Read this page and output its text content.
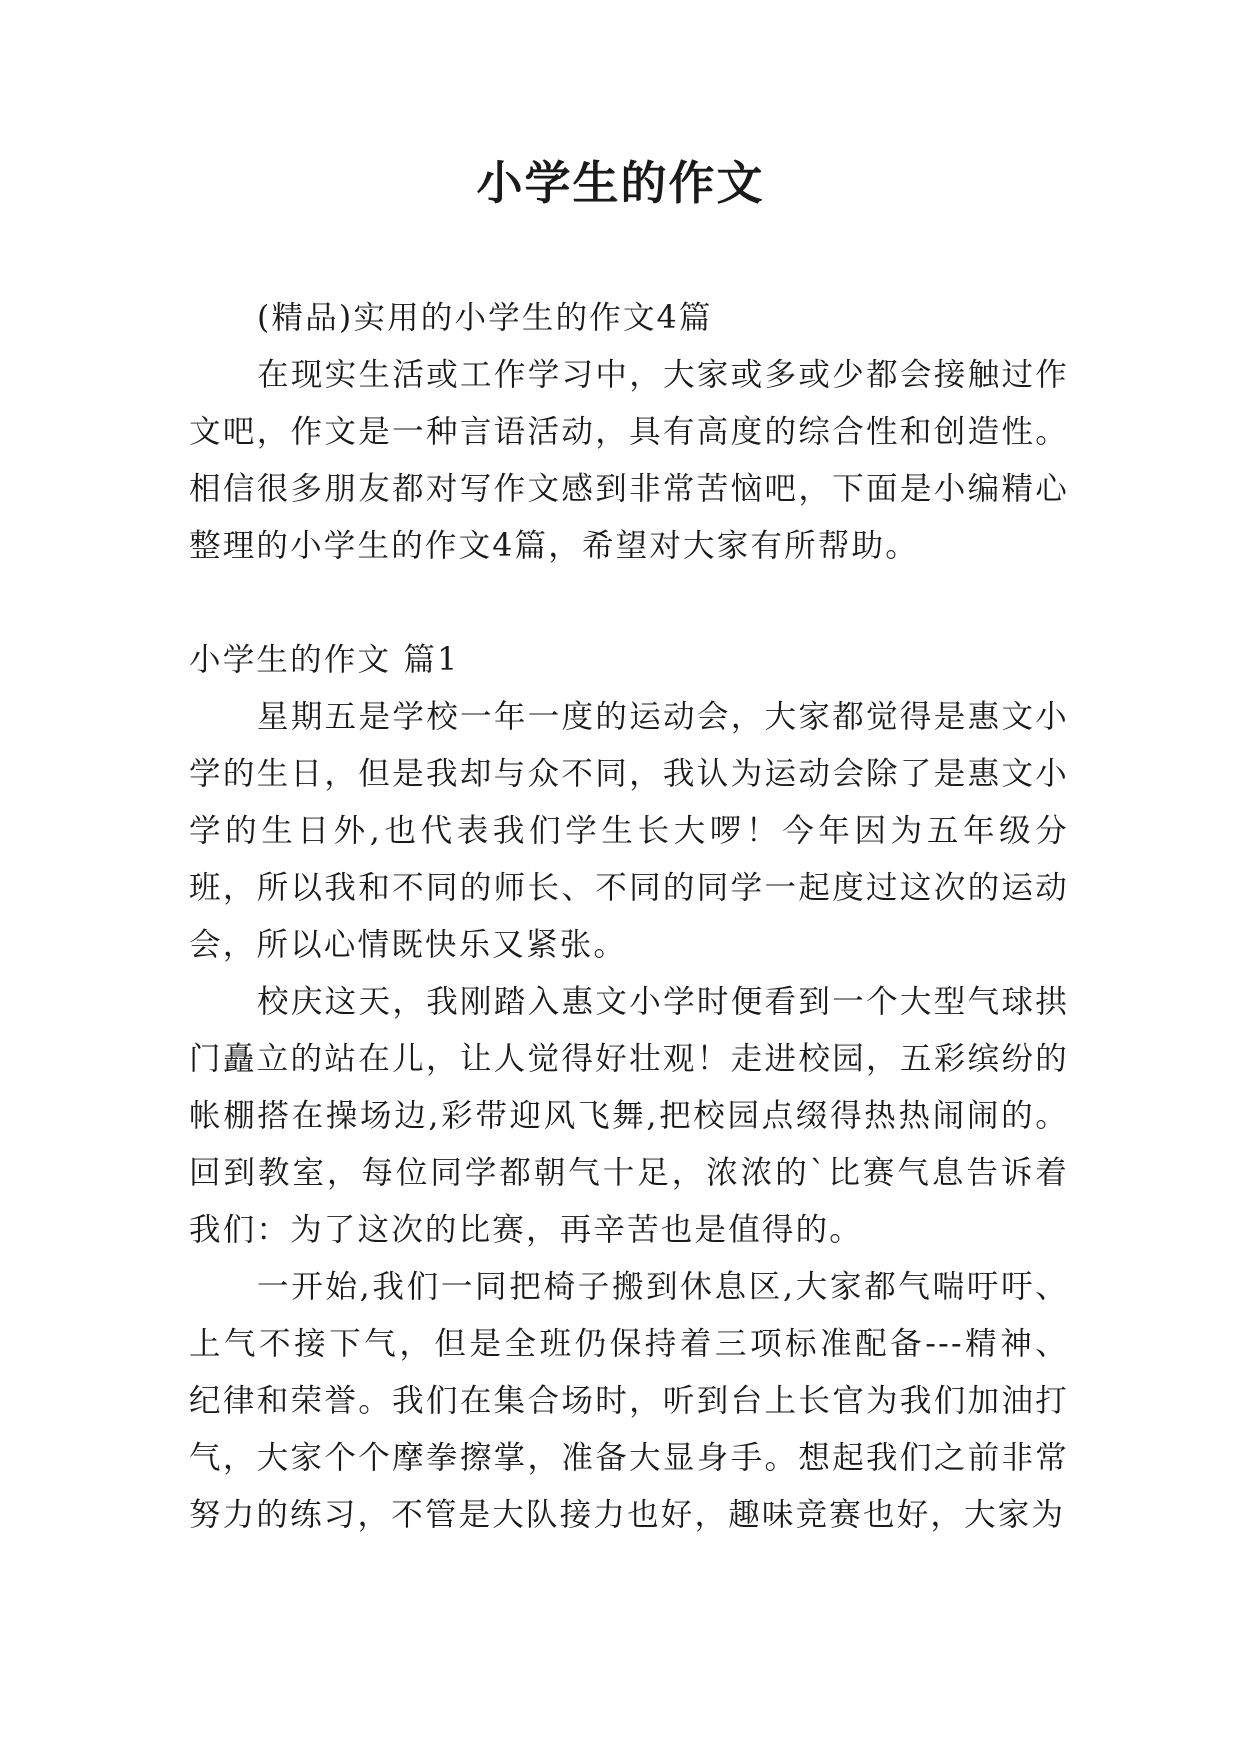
小学生的作文

(精品)实用的小学生的作文4篇

在现实生活或工作学习中，大家或多或少都会接触过作文吧，作文是一种言语活动，具有高度的综合性和创造性。相信很多朋友都对写作文感到非常苦恼吧，下面是小编精心整理的小学生的作文4篇，希望对大家有所帮助。

小学生的作文 篇1

星期五是学校一年一度的运动会，大家都觉得是惠文小学的生日，但是我却与众不同，我认为运动会除了是惠文小学的生日外,也代表我们学生长大啰！今年因为五年级分班，所以我和不同的师长、不同的同学一起度过这次的运动会，所以心情既快乐又紧张。

校庆这天，我刚踏入惠文小学时便看到一个大型气球拱门矗立的站在儿，让人觉得好壮观！走进校园，五彩缤纷的帐棚搭在操场边,彩带迎风飞舞,把校园点缀得热热闹闹的。回到教室，每位同学都朝气十足，浓浓的`比赛气息告诉着我们：为了这次的比赛，再辛苦也是值得的。

一开始,我们一同把椅子搬到休息区,大家都气喘吁吁、上气不接下气，但是全班仍保持着三项标准配备---精神、纪律和荣誉。我们在集合场时，听到台上长官为我们加油打气，大家个个摩拳擦掌，准备大显身手。想起我们之前非常努力的练习，不管是大队接力也好，趣味竞赛也好，大家为
